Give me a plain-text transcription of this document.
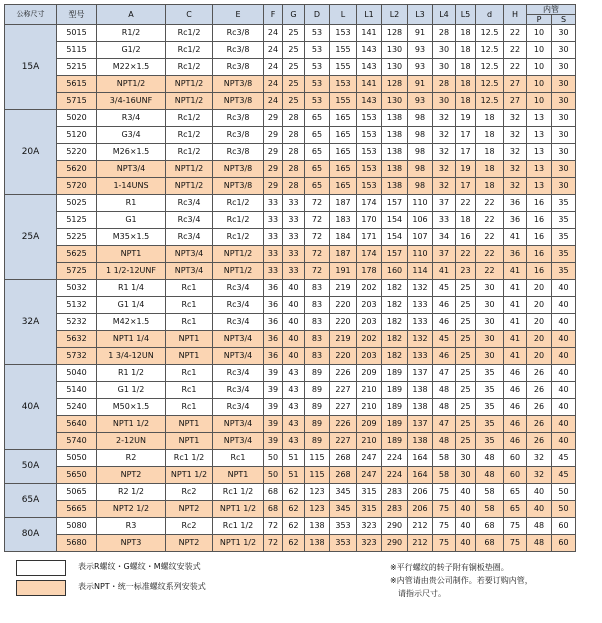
公称尺寸	型号	A	C	E	F	G	D	L	L1	L2	L3	L4	L5	d	H	内管	
																P	S
15A	5015	R1/2	Rc1/2	Rc3/8	24	25	53	153	141	128	91	28	18	12.5	22	10	30
	5115	G1/2	Rc1/2	Rc3/8	24	25	53	155	143	130	93	30	18	12.5	22	10	30
	5215	M22×1.5	Rc1/2	Rc3/8	24	25	53	155	143	130	93	30	18	12.5	22	10	30
	5615	NPT1/2	NPT1/2	NPT3/8	24	25	53	153	141	128	91	28	18	12.5	27	10	30
	5715	3/4-16UNF	NPT1/2	NPT3/8	24	25	53	155	143	130	93	30	18	12.5	27	10	30
20A	5020	R3/4	Rc1/2	Rc3/8	29	28	65	165	153	138	98	32	19	18	32	13	30
	5120	G3/4	Rc1/2	Rc3/8	29	28	65	165	153	138	98	32	17	18	32	13	30
	5220	M26×1.5	Rc1/2	Rc3/8	29	28	65	165	153	138	98	32	17	18	32	13	30
	5620	NPT3/4	NPT1/2	NPT3/8	29	28	65	165	153	138	98	32	19	18	32	13	30
	5720	1-14UNS	NPT1/2	NPT3/8	29	28	65	165	153	138	98	32	17	18	32	13	30
25A	5025	R1	Rc3/4	Rc1/2	33	33	72	187	174	157	110	37	22	22	36	16	35
	5125	G1	Rc3/4	Rc1/2	33	33	72	183	170	154	106	33	18	22	36	16	35
	5225	M35×1.5	Rc3/4	Rc1/2	33	33	72	184	171	154	107	34	16	22	41	16	35
	5625	NPT1	NPT3/4	NPT1/2	33	33	72	187	174	157	110	37	22	22	36	16	35
	5725	1 1/2-12UNF	NPT3/4	NPT1/2	33	33	72	191	178	160	114	41	23	22	41	16	35
32A	5032	R1 1/4	Rc1	Rc3/4	36	40	83	219	202	182	132	45	25	30	41	20	40
	5132	G1 1/4	Rc1	Rc3/4	36	40	83	220	203	182	133	46	25	30	41	20	40
	5232	M42×1.5	Rc1	Rc3/4	36	40	83	220	203	182	133	46	25	30	41	20	40
	5632	NPT1 1/4	NPT1	NPT3/4	36	40	83	219	202	182	132	45	25	30	41	20	40
	5732	1 3/4-12UN	NPT1	NPT3/4	36	40	83	220	203	182	133	46	25	30	41	20	40
40A	5040	R1 1/2	Rc1	Rc3/4	39	43	89	226	209	189	137	47	25	35	46	26	40
	5140	G1 1/2	Rc1	Rc3/4	39	43	89	227	210	189	138	48	25	35	46	26	40
	5240	M50×1.5	Rc1	Rc3/4	39	43	89	227	210	189	138	48	25	35	46	26	40
	5640	NPT1 1/2	NPT1	NPT3/4	39	43	89	226	209	189	137	47	25	35	46	26	40
	5740	2-12UN	NPT1	NPT3/4	39	43	89	227	210	189	138	48	25	35	46	26	40
50A	5050	R2	Rc1 1/2	Rc1	50	51	115	268	247	224	164	58	30	48	60	32	45
	5650	NPT2	NPT1 1/2	NPT1	50	51	115	268	247	224	164	58	30	48	60	32	45
65A	5065	R2 1/2	Rc2	Rc1 1/2	68	62	123	345	315	283	206	75	40	58	65	40	50
	5665	NPT2 1/2	NPT2	NPT1 1/2	68	62	123	345	315	283	206	75	40	58	65	40	50
80A	5080	R3	Rc2	Rc1 1/2	72	62	138	353	323	290	212	75	40	68	75	48	60
	5680	NPT3	NPT2	NPT1 1/2	72	62	138	353	323	290	212	75	40	68	75	48	60
表示R螺纹・G螺纹・M螺纹安装式
表示NPT・统一标准螺纹系列安装式
※平行螺纹的转子附有铜板垫圈。
※内管请由贵公司制作。若要订购内管，
　请指示尺寸。
